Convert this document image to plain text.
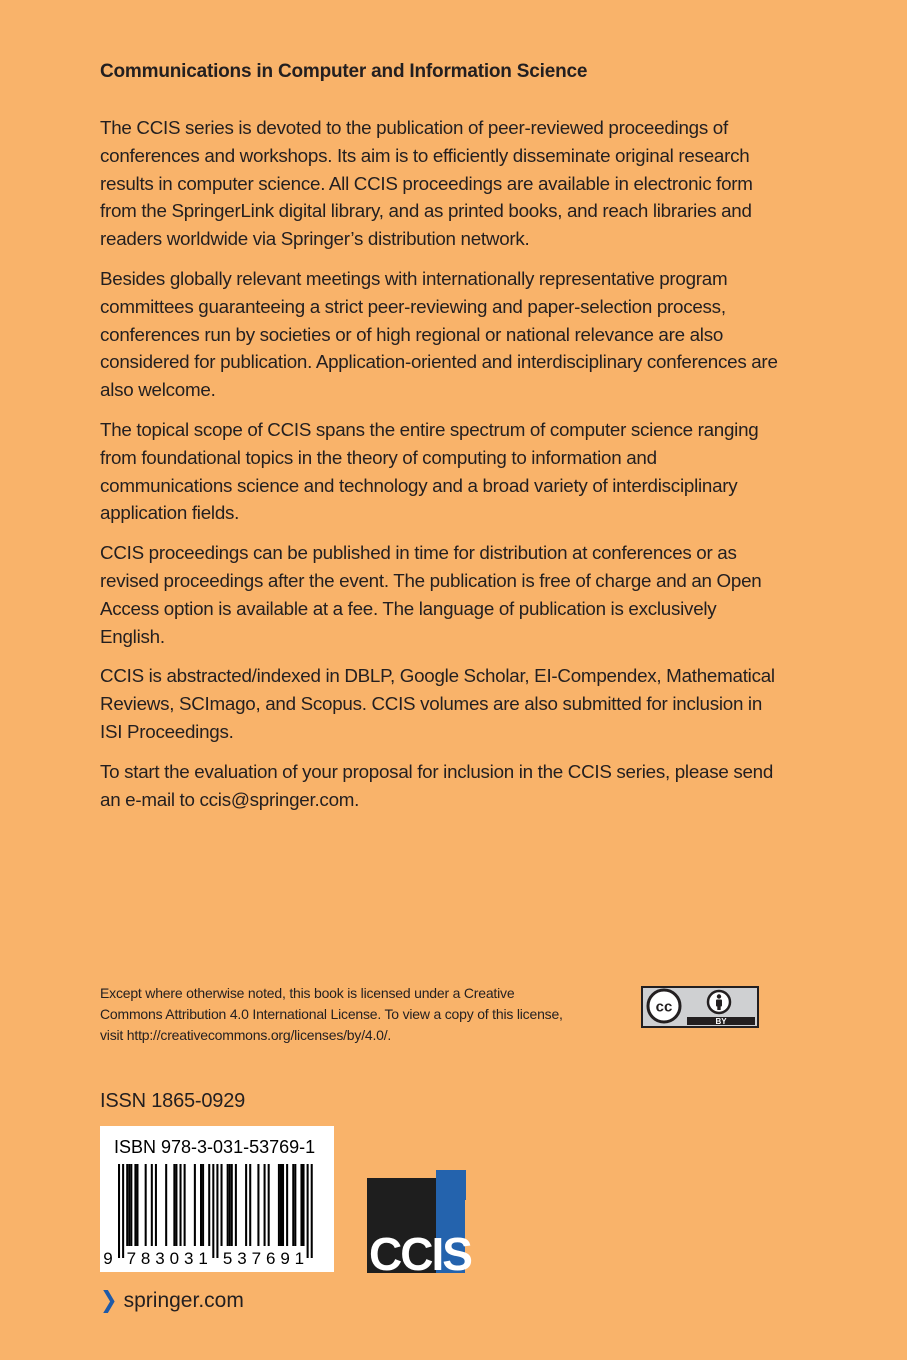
Communications in Computer and Information Science

The CCIS series is devoted to the publication of peer-reviewed proceedings of conferences and workshops. Its aim is to efficiently disseminate original research results in computer science. All CCIS proceedings are available in electronic form from the SpringerLink digital library, and as printed books, and reach libraries and readers worldwide via Springer’s distribution network.

Besides globally relevant meetings with internationally representative program committees guaranteeing a strict peer-reviewing and paper-selection process, conferences run by societies or of high regional or national relevance are also considered for publication. Application-oriented and interdisciplinary conferences are also welcome.

The topical scope of CCIS spans the entire spectrum of computer science ranging from foundational topics in the theory of computing to information and communications science and technology and a broad variety of interdisciplinary application fields.

CCIS proceedings can be published in time for distribution at conferences or as revised proceedings after the event. The publication is free of charge and an Open Access option is available at a fee. The language of publication is exclusively English.

CCIS is abstracted/indexed in DBLP, Google Scholar, EI-Compendex, Mathematical Reviews, SCImago, and Scopus. CCIS volumes are also submitted for inclusion in ISI Proceedings.

To start the evaluation of your proposal for inclusion in the CCIS series, please send an e-mail to ccis@springer.com.

Except where otherwise noted, this book is licensed under a Creative Commons Attribution 4.0 International License. To view a copy of this license, visit http://creativecommons.org/licenses/by/4.0/.

cc
BY
ISSN 1865-0929
ISBN 978-3-031-53769-1
9 7 8 3 0 3 1 5 3 7 6 9 1 CCIS
❯ springer.com
